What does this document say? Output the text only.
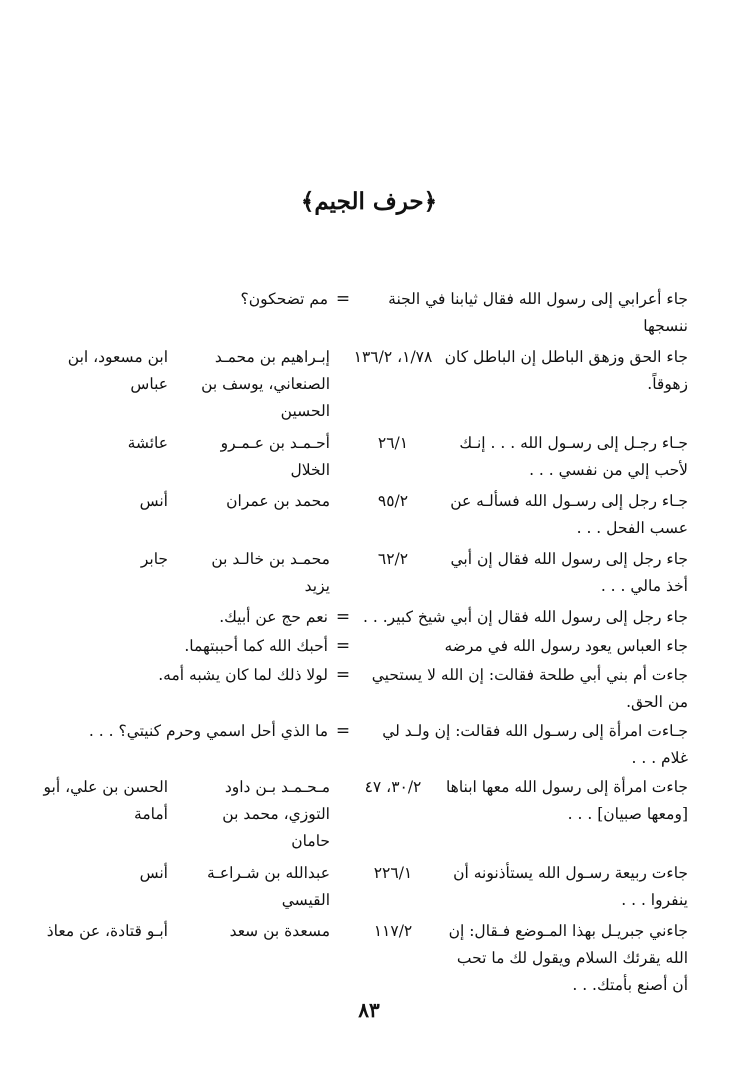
﴿حرف الجيم﴾
جاء أعرابي إلى رسول الله فقال ثيابنا في الجنة ننسجها
=
مم تضحكون؟
جاء الحق وزهق الباطل إن الباطل كان زهوقاً.
١/٧٨، ١٣٦/٢
إبـراهيم بن محمـد الصنعاني، يوسف بن الحسين
ابن مسعود، ابن عباس
جـاء رجـل إلى رسـول الله . . . إنـك لأحب إلي من نفسي . . .
٢٦/١
أحـمـد بن عـمـرو الخلال
عائشة
جـاء رجل إلى رسـول الله فسألـه عن عسب الفحل . . .
٩٥/٢
محمد بن عمران
أنس
جاء رجل إلى رسول الله فقال إن أبي أخذ مالي . . .
٦٢/٢
محمـد بن خالـد بن يزيد
جابر
جاء رجل إلى رسول الله فقال إن أبي شيخ كبير. . .
=
نعم حج عن أبيك.
جاء العباس يعود رسول الله في مرضه
=
أحبك الله كما أحببتهما.
جاءت أم بني أبي طلحة فقالت: إن الله لا يستحيي من الحق.
=
لولا ذلك لما كان يشبه أمه.
جـاءت امرأة إلى رسـول الله فقالت: إن ولـد لي غلام . . .
=
ما الذي أحل اسمي وحرم كنيتي؟ . . .
جاءت امرأة إلى رسول الله معها ابناها [ومعها صبيان] . . .
٣٠/٢، ٤٧
مـحـمـد بـن داود التوزي، محمد بن حامان
الحسن بن علي، أبو أمامة
جاءت ربيعة رسـول الله يستأذنونه أن ينفروا . . .
٢٢٦/١
عبدالله بن شـراعـة القيسي
أنس
جاءني جبريـل بهذا المـوضع فـقال: إن الله يقرئك السلام ويقول لك ما تحب أن أصنع بأمتك. . .
١١٧/٢
مسعدة بن سعد
أبـو قتادة، عن معاذ
٨٣
